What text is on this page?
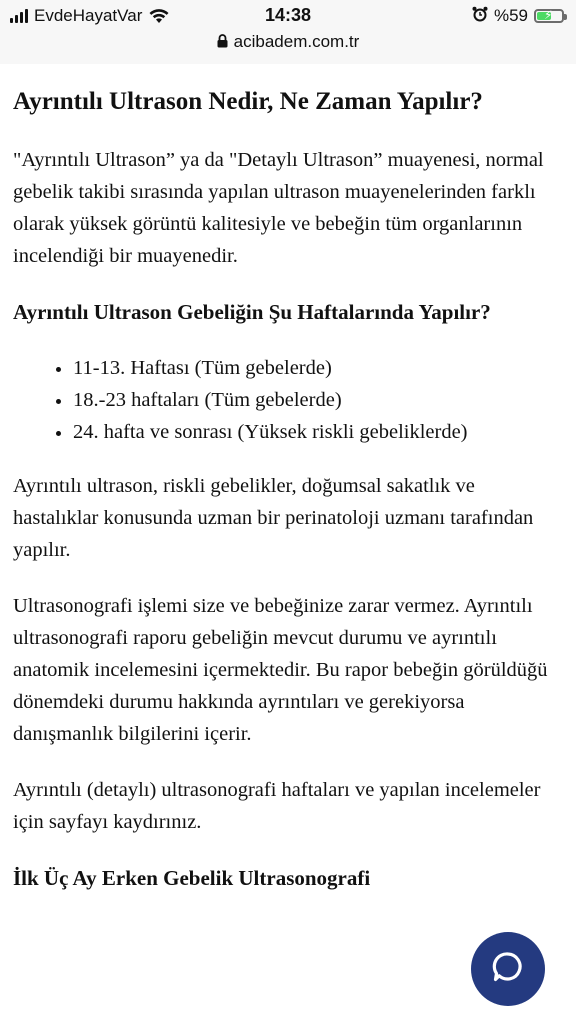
EvdeHayatVar	14:38	%59 ⚡
acibadem.com.tr
Ayrıntılı Ultrason Nedir, Ne Zaman Yapılır?

"Ayrıntılı Ultrason” ya da "Detaylı Ultrason” muayenesi, normal gebelik takibi sırasında yapılan ultrason muayenelerinden farklı olarak yüksek görüntü kalitesiyle ve bebeğin tüm organlarının incelendiği bir muayenedir.

Ayrıntılı Ultrason Gebeliğin Şu Haftalarında Yapılır?
• 11-13. Haftası (Tüm gebelerde)
• 18.-23 haftaları (Tüm gebelerde)
• 24. hafta ve sonrası (Yüksek riskli gebeliklerde)

Ayrıntılı ultrason, riskli gebelikler, doğumsal sakatlık ve hastalıklar konusunda uzman bir perinatoloji uzmanı tarafından yapılır.

Ultrasonografi işlemi size ve bebeğinize zarar vermez. Ayrıntılı ultrasonografi raporu gebeliğin mevcut durumu ve ayrıntılı anatomik incelemesini içermektedir. Bu rapor bebeğin görüldüğü dönemdeki durumu hakkında ayrıntıları ve gerekiyorsa danışmanlık bilgilerini içerir.

Ayrıntılı (detaylı) ultrasonografi haftaları ve yapılan incelemeler için sayfayı kaydırınız.

İlk Üç Ay Erken Gebelik Ultrasonografi
